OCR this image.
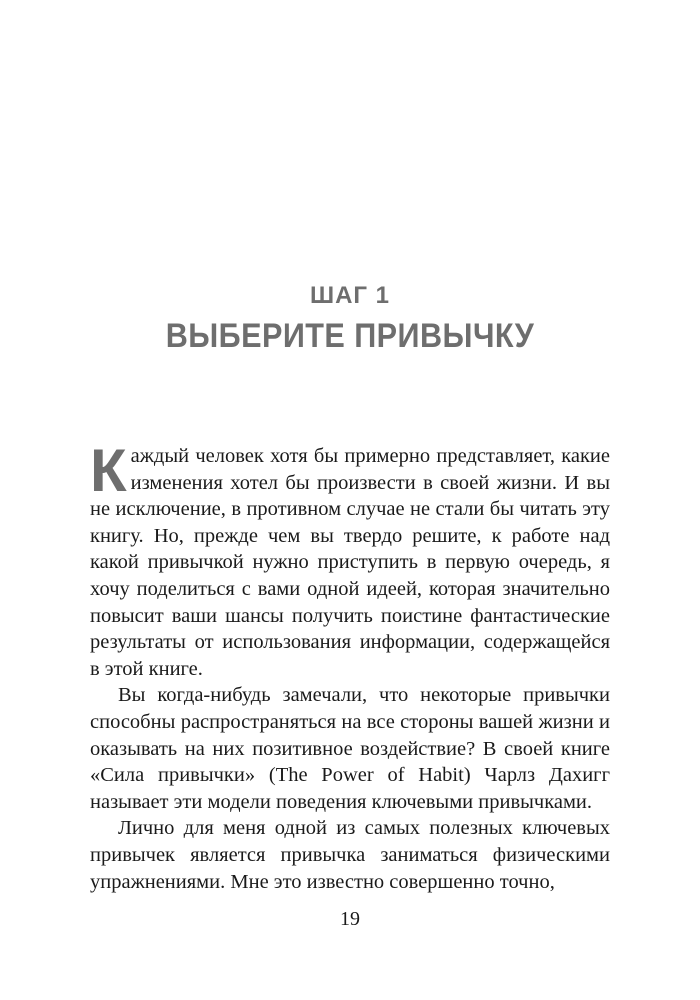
ШАГ 1
ВЫБЕРИТЕ ПРИВЫЧКУ

К аждый человек хотя бы примерно представляет, какие изменения хотел бы произвести в своей жизни. И вы не исключение, в противном случае не стали бы читать эту книгу. Но, прежде чем вы твердо решите, к работе над какой привычкой нужно приступить в первую очередь, я хочу поделиться с вами одной идеей, которая значительно повысит ваши шансы получить поистине фантастические результаты от использования информации, содержащейся в этой книге.

Вы когда-нибудь замечали, что некоторые привычки способны распространяться на все стороны вашей жизни и оказывать на них позитивное воздействие? В своей книге «Сила привычки» (The Power of Habit) Чарлз Дахигг называет эти модели поведения ключевыми привычками.

Лично для меня одной из самых полезных ключевых привычек является привычка заниматься физическими упражнениями. Мне это известно совершенно точно,

19
